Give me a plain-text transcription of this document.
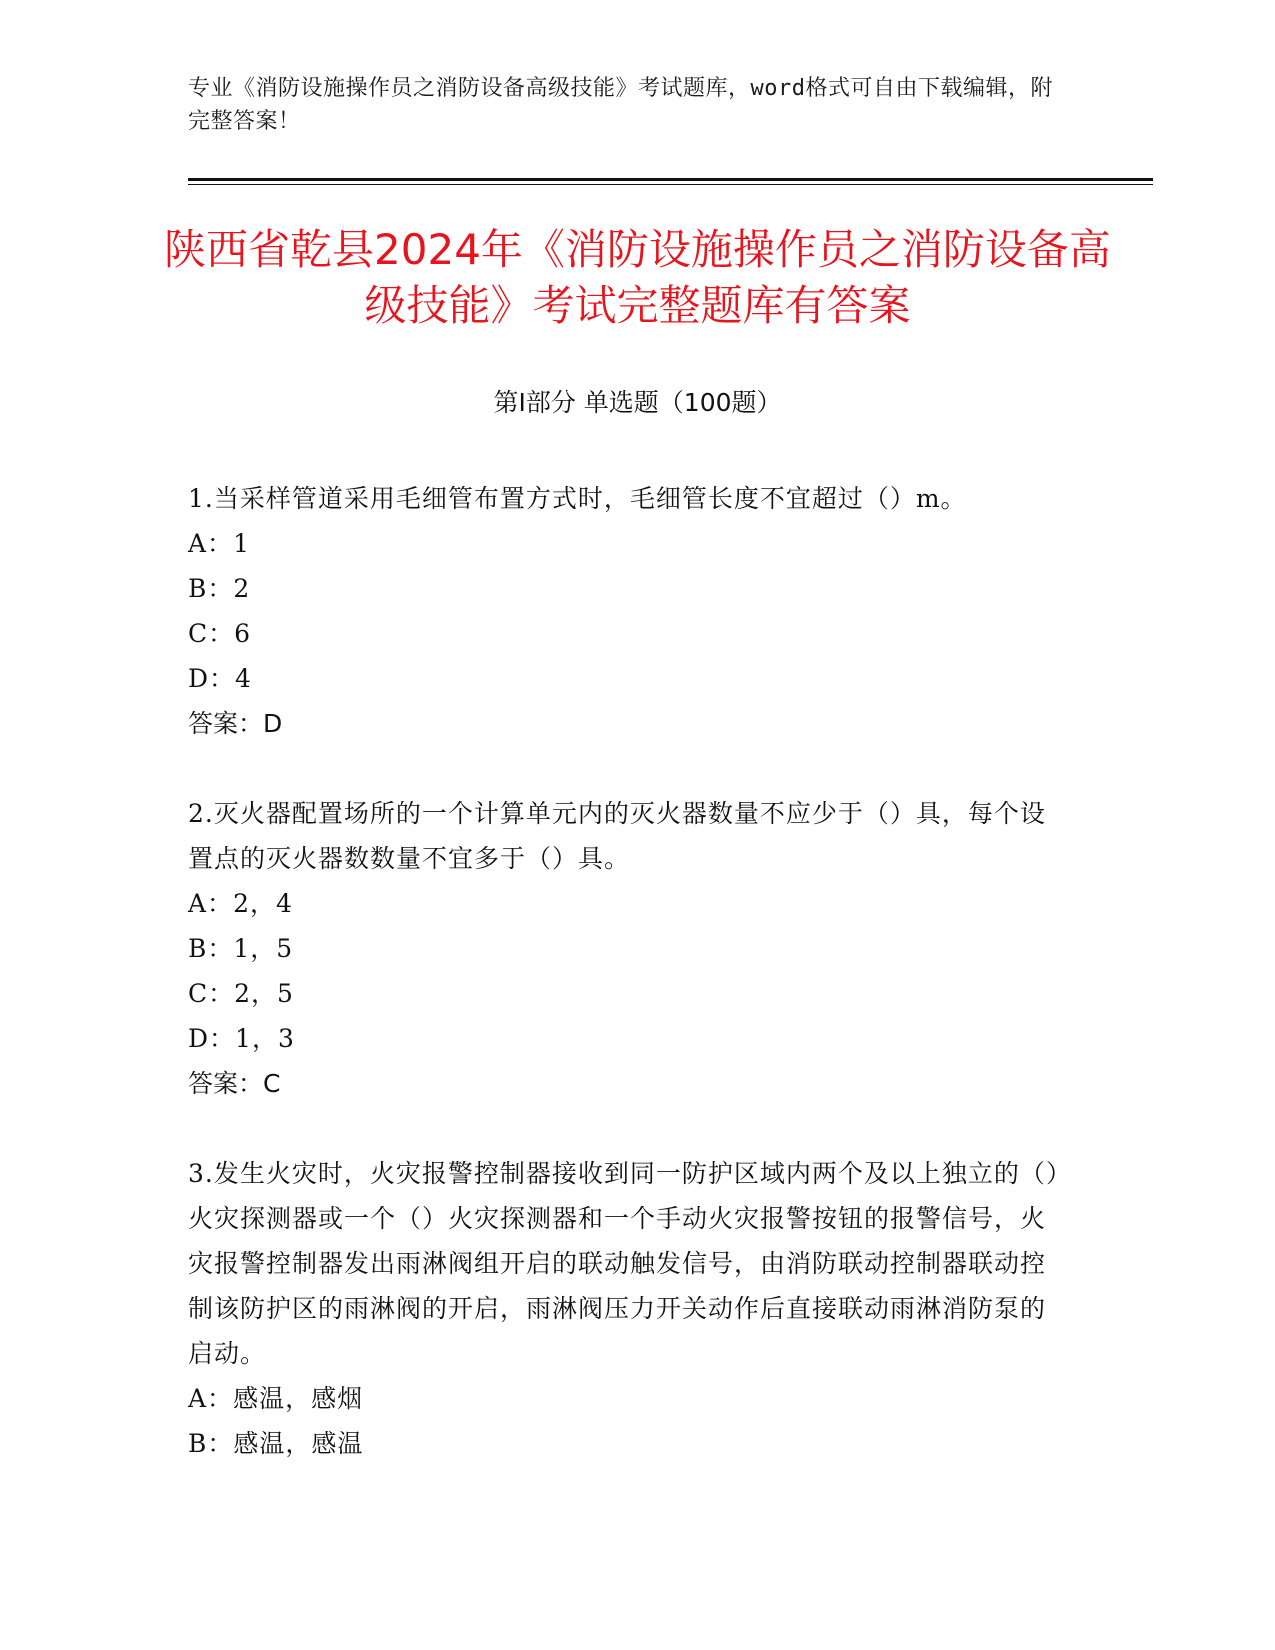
专业《消防设施操作员之消防设备高级技能》考试题库，word格式可自由下载编辑，附完整答案！
陕西省乾县2024年《消防设施操作员之消防设备高级技能》考试完整题库有答案
第Ⅰ部分 单选题（100题）
1.当采样管道采用毛细管布置方式时，毛细管长度不宜超过（）m。
A：1
B：2
C：6
D：4
答案：D
2.灭火器配置场所的一个计算单元内的灭火器数量不应少于（）具，每个设置点的灭火器数数量不宜多于（）具。
A：2，4
B：1，5
C：2，5
D：1，3
答案：C
3.发生火灾时，火灾报警控制器接收到同一防护区域内两个及以上独立的（）火灾探测器或一个（）火灾探测器和一个手动火灾报警按钮的报警信号，火灾报警控制器发出雨淋阀组开启的联动触发信号，由消防联动控制器联动控制该防护区的雨淋阀的开启，雨淋阀压力开关动作后直接联动雨淋消防泵的启动。
A：感温，感烟
B：感温，感温
